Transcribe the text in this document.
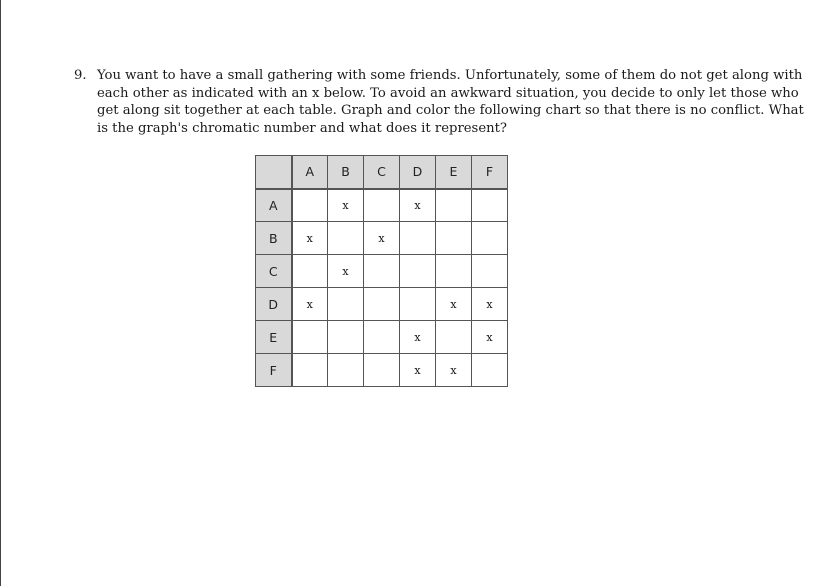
9. You want to have a small gathering with some friends. Unfortunately, some of them do not get along with
each other as indicated with an x below. To avoid an awkward situation, you decide to only let those who
get along sit together at each table. Graph and color the following chart so that there is no conflict. What
is the graph's chromatic number and what does it represent?
	A	B	C	D	E	F
A		x		x		
B	x		x			
C		x				
D	x				x	x
E				x		x
F				x	x	
